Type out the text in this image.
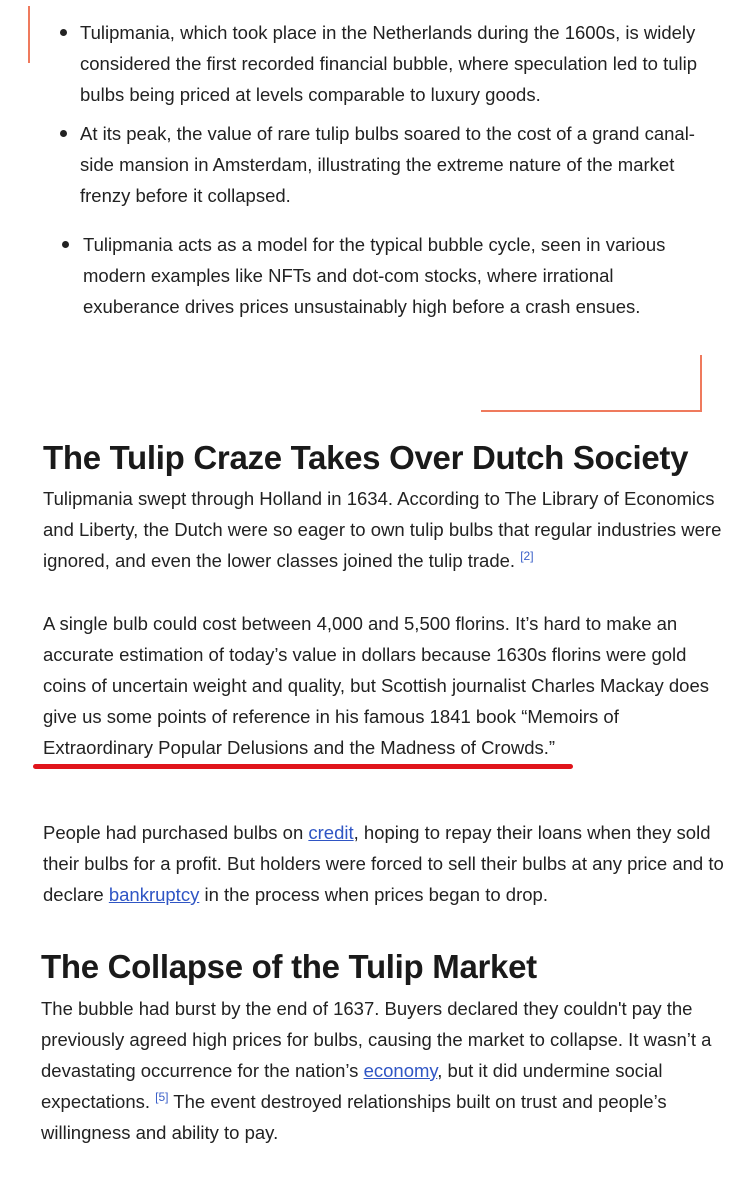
Tulipmania, which took place in the Netherlands during the 1600s, is widely considered the first recorded financial bubble, where speculation led to tulip bulbs being priced at levels comparable to luxury goods.
At its peak, the value of rare tulip bulbs soared to the cost of a grand canal-side mansion in Amsterdam, illustrating the extreme nature of the market frenzy before it collapsed.
Tulipmania acts as a model for the typical bubble cycle, seen in various modern examples like NFTs and dot-com stocks, where irrational exuberance drives prices unsustainably high before a crash ensues.
The Tulip Craze Takes Over Dutch Society

Tulipmania swept through Holland in 1634. According to The Library of Economics and Liberty, the Dutch were so eager to own tulip bulbs that regular industries were ignored, and even the lower classes joined the tulip trade. [2]

A single bulb could cost between 4,000 and 5,500 florins. It’s hard to make an accurate estimation of today’s value in dollars because 1630s florins were gold coins of uncertain weight and quality, but Scottish journalist Charles Mackay does give us some points of reference in his famous 1841 book “Memoirs of Extraordinary Popular Delusions and the Madness of Crowds.”

People had purchased bulbs on credit, hoping to repay their loans when they sold their bulbs for a profit. But holders were forced to sell their bulbs at any price and to declare bankruptcy in the process when prices began to drop.

The Collapse of the Tulip Market

The bubble had burst by the end of 1637. Buyers declared they couldn't pay the previously agreed high prices for bulbs, causing the market to collapse. It wasn’t a devastating occurrence for the nation’s economy, but it did undermine social expectations. [5] The event destroyed relationships built on trust and people’s willingness and ability to pay.
